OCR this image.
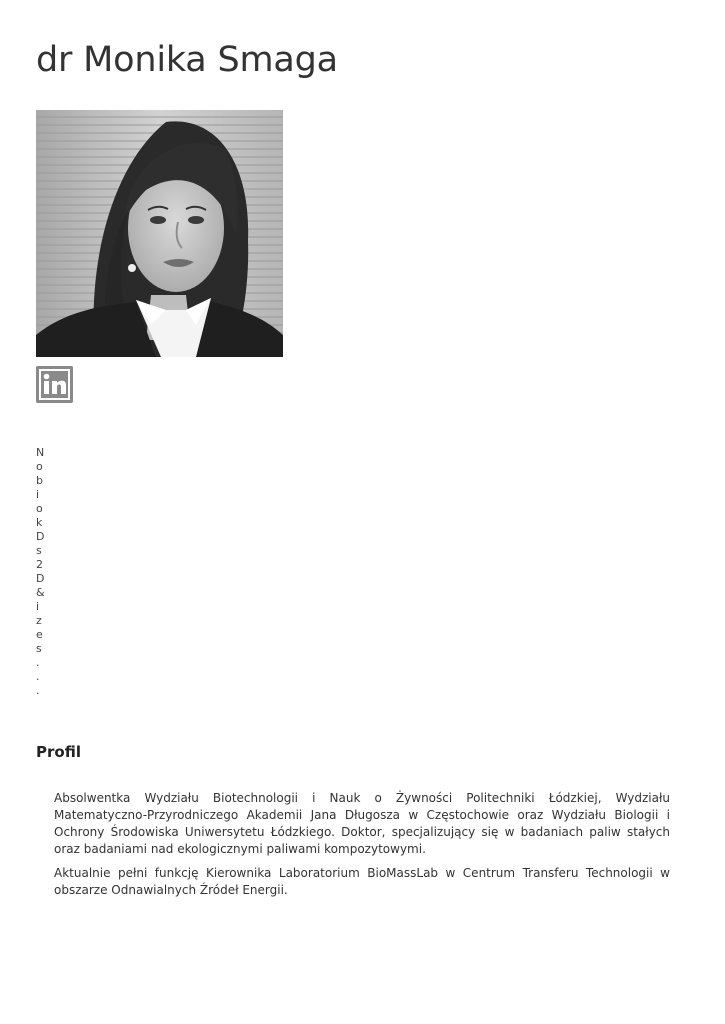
dr Monika Smaga

No biokDs2D&izes...

Profil

Absolwentka Wydziału Biotechnologii i Nauk o Żywności Politechniki Łódzkiej, Wydziału Matematyczno-Przyrodniczego Akademii Jana Długosza w Częstochowie oraz Wydziału Biologii i Ochrony Środowiska Uniwersytetu Łódzkiego. Doktor, specjalizujący się w badaniach paliw stałych oraz badaniami nad ekologicznymi paliwami kompozytowymi.

Aktualnie pełni funkcję Kierownika Laboratorium BioMassLab w Centrum Transferu Technologii w obszarze Odnawialnych Źródeł Energii.
